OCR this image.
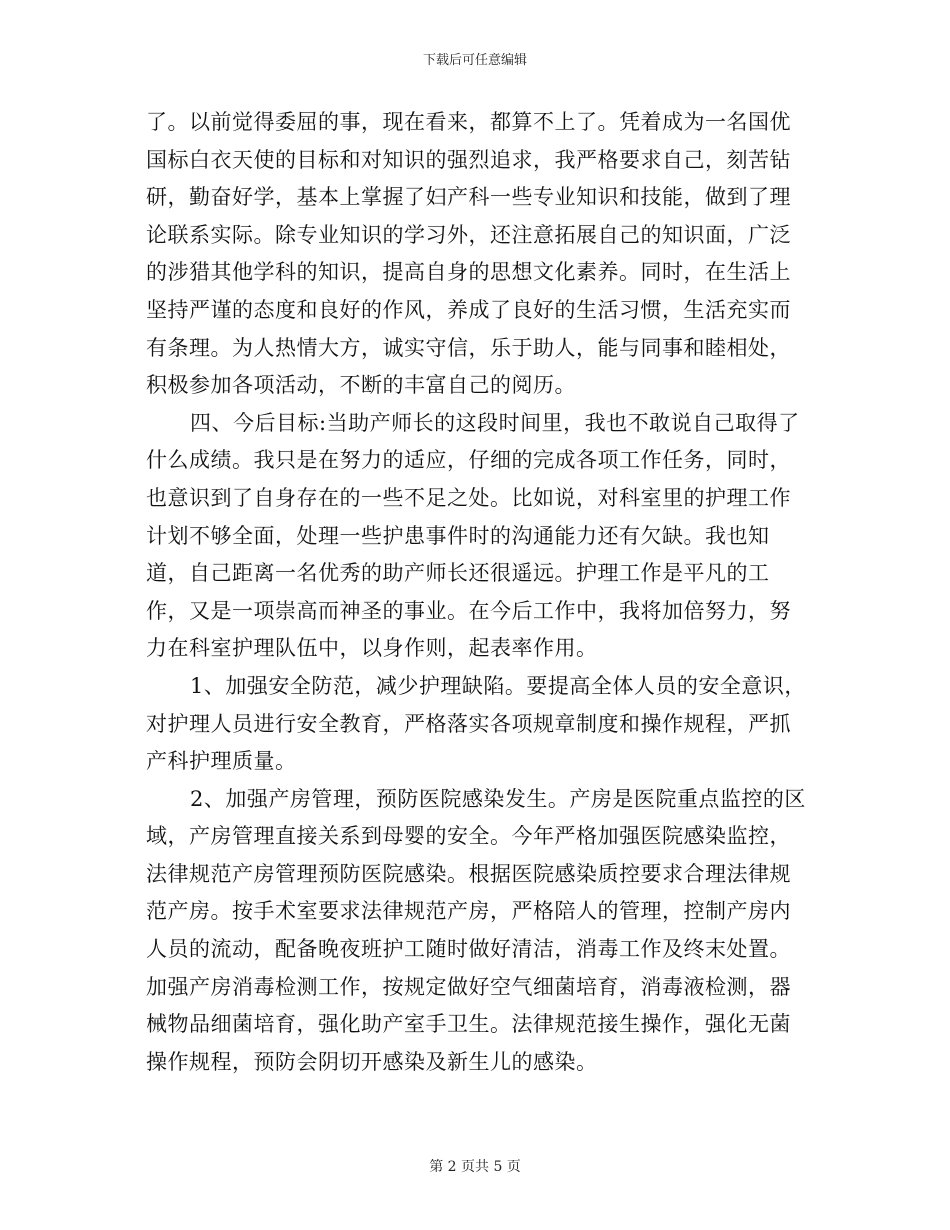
下载后可任意编辑

了。以前觉得委屈的事，现在看来，都算不上了。凭着成为一名国优国标白衣天使的目标和对知识的强烈追求，我严格要求自己，刻苦钻研，勤奋好学，基本上掌握了妇产科一些专业知识和技能，做到了理论联系实际。除专业知识的学习外，还注意拓展自己的知识面，广泛的涉猎其他学科的知识，提高自身的思想文化素养。同时，在生活上坚持严谨的态度和良好的作风，养成了良好的生活习惯，生活充实而有条理。为人热情大方，诚实守信，乐于助人，能与同事和睦相处，积极参加各项活动，不断的丰富自己的阅历。

四、今后目标:当助产师长的这段时间里，我也不敢说自己取得了什么成绩。我只是在努力的适应，仔细的完成各项工作任务，同时，也意识到了自身存在的一些不足之处。比如说，对科室里的护理工作计划不够全面，处理一些护患事件时的沟通能力还有欠缺。我也知道，自己距离一名优秀的助产师长还很遥远。护理工作是平凡的工作，又是一项崇高而神圣的事业。在今后工作中，我将加倍努力，努力在科室护理队伍中，以身作则，起表率作用。

1、加强安全防范，减少护理缺陷。要提高全体人员的安全意识，对护理人员进行安全教育，严格落实各项规章制度和操作规程，严抓产科护理质量。

2、加强产房管理，预防医院感染发生。产房是医院重点监控的区域，产房管理直接关系到母婴的安全。今年严格加强医院感染监控，法律规范产房管理预防医院感染。根据医院感染质控要求合理法律规范产房。按手术室要求法律规范产房，严格陪人的管理，控制产房内人员的流动，配备晚夜班护工随时做好清洁，消毒工作及终末处置。加强产房消毒检测工作，按规定做好空气细菌培育，消毒液检测，器械物品细菌培育，强化助产室手卫生。法律规范接生操作，强化无菌操作规程，预防会阴切开感染及新生儿的感染。

第 2 页共 5 页
